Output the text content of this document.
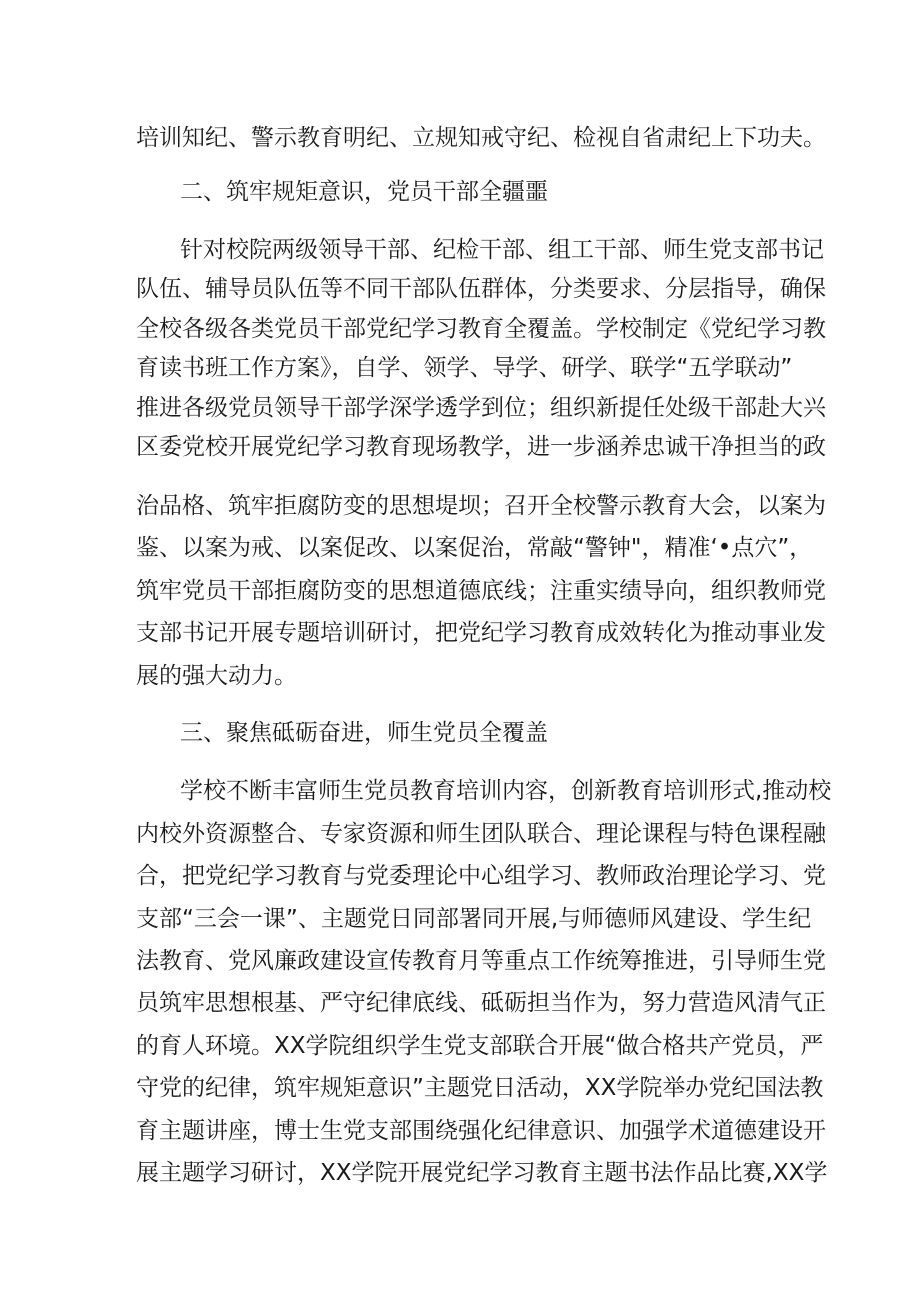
培训知纪、警示教育明纪、立规知戒守纪、检视自省肃纪上下功夫。
二、筑牢规矩意识，党员干部全疆噩
针对校院两级领导干部、纪检干部、组工干部、师生党支部书记
队伍、辅导员队伍等不同干部队伍群体，分类要求、分层指导，确保
全校各级各类党员干部党纪学习教育全覆盖。学校制定《党纪学习教
育读书班工作方案》，自学、领学、导学、研学、联学“五学联动”
推进各级党员领导干部学深学透学到位；组织新提任处级干部赴大兴
区委党校开展党纪学习教育现场教学，进一步涵养忠诚干净担当的政
治品格、筑牢拒腐防变的思想堤坝；召开全校警示教育大会，以案为
鉴、以案为戒、以案促改、以案促治，常敲“警钟"，精准‘•点穴”，
筑牢党员干部拒腐防变的思想道德底线；注重实绩导向，组织教师党
支部书记开展专题培训研讨，把党纪学习教育成效转化为推动事业发
展的强大动力。
三、聚焦砥砺奋进，师生党员全覆盖
学校不断丰富师生党员教育培训内容，创新教育培训形式,推动校
内校外资源整合、专家资源和师生团队联合、理论课程与特色课程融
合，把党纪学习教育与党委理论中心组学习、教师政治理论学习、党
支部“三会一课”、主题党日同部署同开展,与师德师风建设、学生纪
法教育、党风廉政建设宣传教育月等重点工作统筹推进，引导师生党
员筑牢思想根基、严守纪律底线、砥砺担当作为，努力营造风清气正
的育人环境。XX学院组织学生党支部联合开展“做合格共产党员，严
守党的纪律，筑牢规矩意识”主题党日活动，XX学院举办党纪国法教
育主题讲座，博士生党支部围绕强化纪律意识、加强学术道德建设开
展主题学习研讨，XX学院开展党纪学习教育主题书法作品比赛,XX学
